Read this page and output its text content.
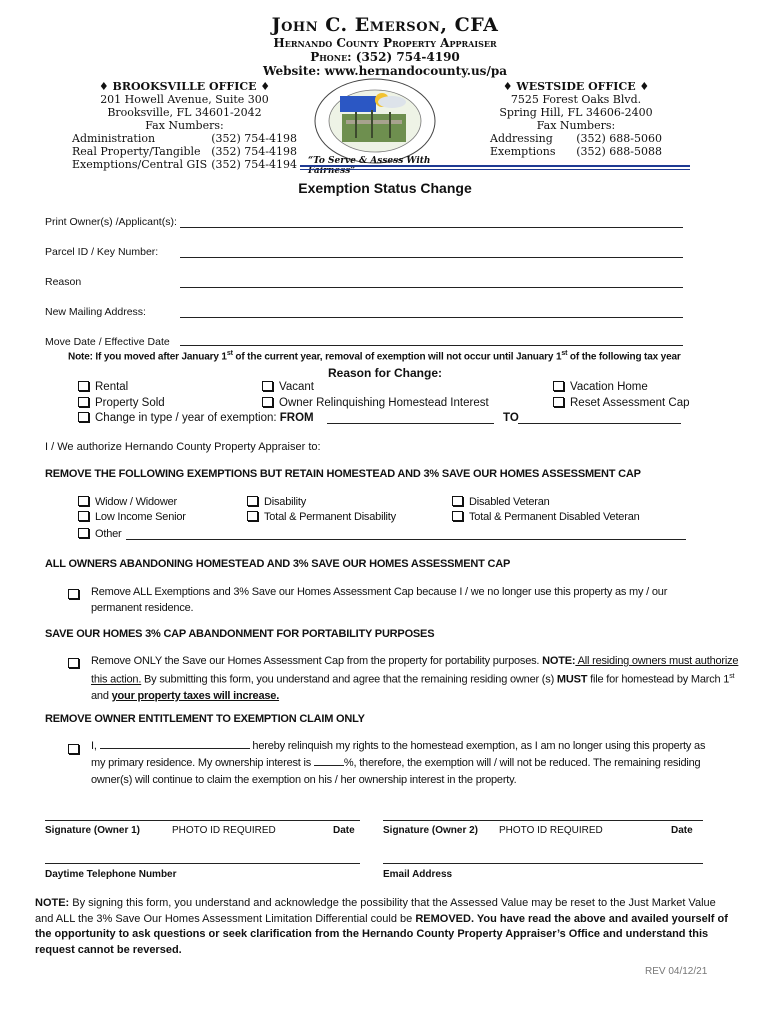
John C. Emerson, CFA
Hernando County Property Appraiser
Phone: (352) 754-4190
Website: www.hernandocounty.us/pa
♦ BROOKSVILLE OFFICE ♦
201 Howell Avenue, Suite 300
Brooksville, FL 34601-2042
Fax Numbers:
Administration	(352) 754-4198
Real Property/Tangible (352) 754-4198
Exemptions/Central GIS (352) 754-4194 “To Serve & Assess With Fairness”
♦ WESTSIDE OFFICE ♦
7525 Forest Oaks Blvd.
Spring Hill, FL 34606-2400
Fax Numbers:
Addressing (352) 688-5060
Exemptions (352) 688-5088
Exemption Status Change
Print Owner(s) /Applicant(s):
Parcel ID / Key Number:
Reason
New Mailing Address:
Move Date / Effective Date
Note: If you moved after January 1st of the current year, removal of exemption will not occur until January 1st of the following tax year
Reason for Change:
Rental	Vacant	Vacation Home
Property Sold	Owner Relinquishing Homestead Interest	Reset Assessment Cap
Change in type / year of exemption: FROM	TO
I / We authorize Hernando County Property Appraiser to:
REMOVE THE FOLLOWING EXEMPTIONS BUT RETAIN HOMESTEAD AND 3% SAVE OUR HOMES ASSESSMENT CAP
Widow / Widower	Disability	Disabled Veteran
Low Income Senior	Total & Permanent Disability	Total & Permanent Disabled Veteran
Other
ALL OWNERS ABANDONING HOMESTEAD AND 3% SAVE OUR HOMES ASSESSMENT CAP
Remove ALL Exemptions and 3% Save our Homes Assessment Cap because I / we no longer use this property as my / our
permanent residence.
SAVE OUR HOMES 3% CAP ABANDONMENT FOR PORTABILITY PURPOSES
Remove ONLY the Save our Homes Assessment Cap from the property for portability purposes. NOTE: All residing owners must authorize
this action. By submitting this form, you understand and agree that the remaining residing owner (s) MUST file for homestead by March 1st
and your property taxes will increase.
REMOVE OWNER ENTITLEMENT TO EXEMPTION CLAIM ONLY
I,	hereby relinquish my rights to the homestead exemption, as I am no longer using this property as
my primary residence. My ownership interest is	%, therefore, the exemption will / will not be reduced. The remaining residing
owner(s) will continue to claim the exemption on his / her ownership interest in the property.
Signature (Owner 1)	PHOTO ID REQUIRED	Date	Signature (Owner 2) PHOTO ID REQUIRED	Date
Daytime Telephone Number	Email Address
NOTE: By signing this form, you understand and acknowledge the possibility that the Assessed Value may be reset to the Just Market Value and ALL the 3% Save Our Homes Assessment Limitation Differential could be REMOVED. You have read the above and availed yourself of the opportunity to ask questions or seek clarification from the Hernando County Property Appraiser’s Office and understand this request cannot be reversed.
REV 04/12/21
